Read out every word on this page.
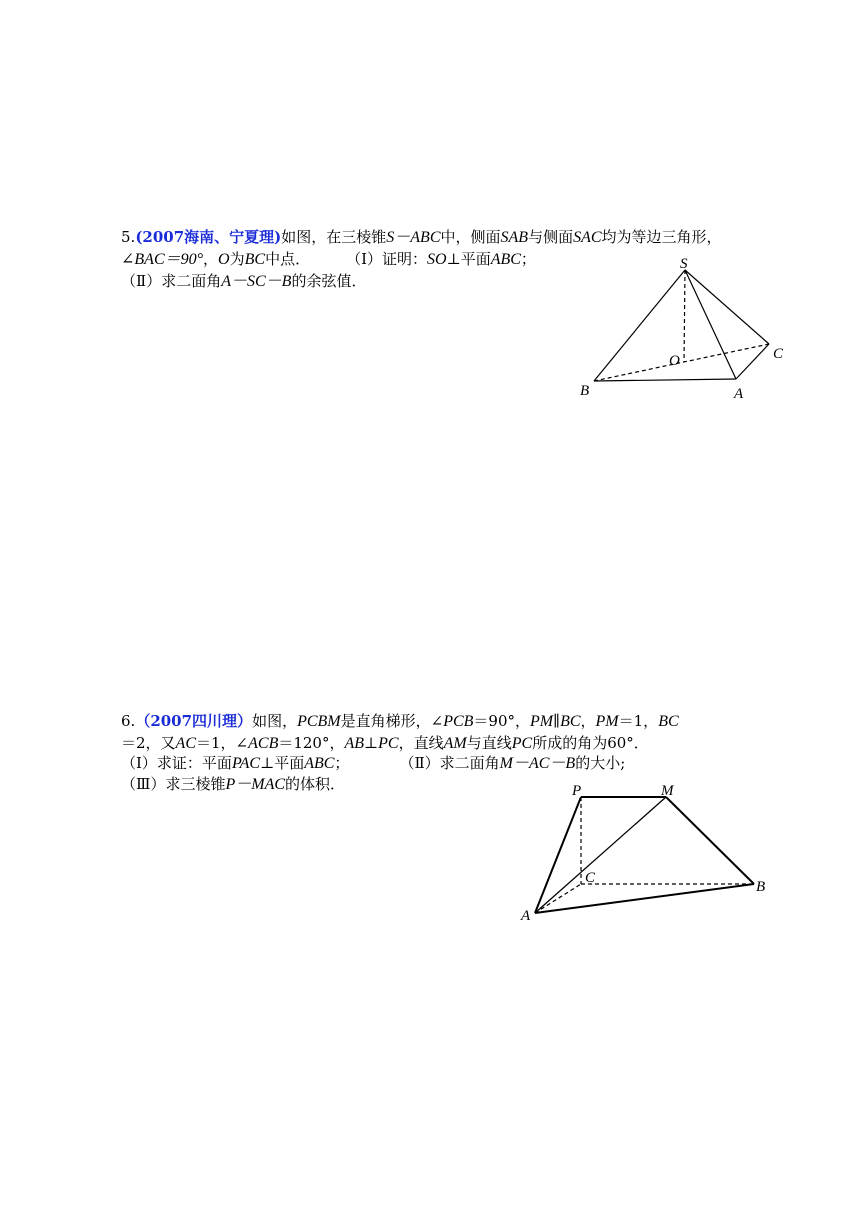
5.(2007海南、宁夏理)如图，在三棱锥S－ABC中，侧面SAB与侧面SAC均为等边三角形，
∠BAC＝90°，O为BC中点． （Ⅰ）证明：SO⊥平面ABC；
（Ⅱ）求二面角A－SC－B的余弦值．
S
C
O
B	A
6.（2007四川理）如图，PCBM是直角梯形，∠PCB＝90°，PM∥BC，PM＝1，BC
＝2，又AC＝1，∠ACB＝120°，AB⊥PC，直线AM与直线PC所成的角为60°．
（Ⅰ）求证：平面PAC⊥平面ABC；	（Ⅱ）求二面角M－AC－B的大小;
（Ⅲ）求三棱锥P－MAC的体积．	P	M
C
B
A
